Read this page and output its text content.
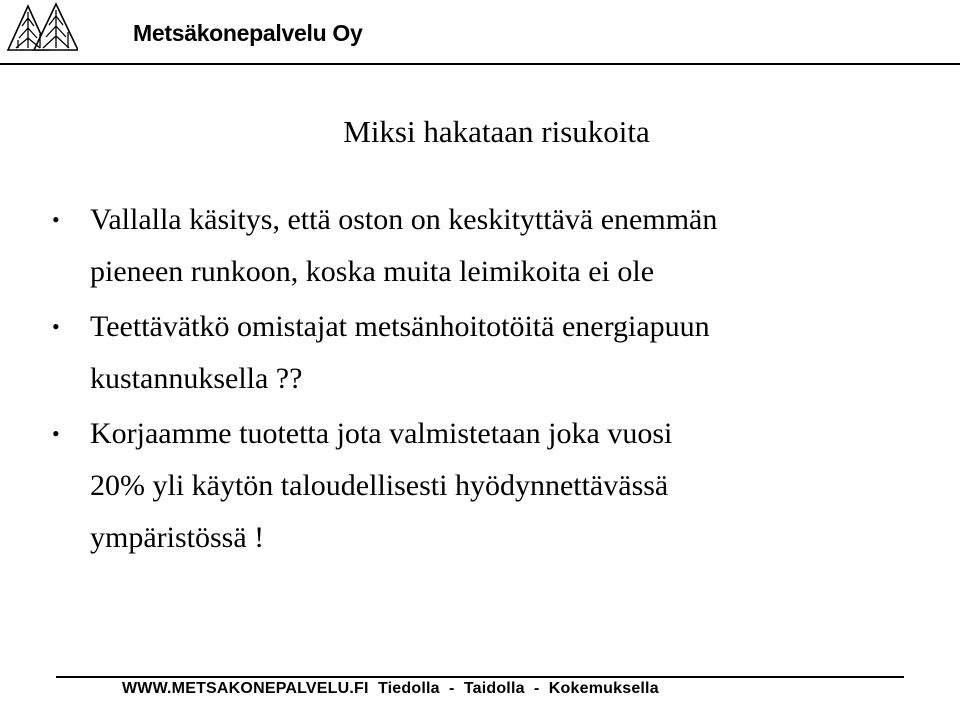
Metsäkonepalvelu Oy
Miksi hakataan risukoita
• Vallalla käsitys, että oston on keskityttävä enemmän
pieneen runkoon, koska muita leimikoita ei ole
• Teettävätkö omistajat metsänhoitotöitä energiapuun
kustannuksella ??
• Korjaamme tuotetta jota valmistetaan joka vuosi
20% yli käytön taloudellisesti hyödynnettävässä
ympäristössä !
WWW.METSAKONEPALVELU.FI  Tiedolla  -  Taidolla  -  Kokemuksella
